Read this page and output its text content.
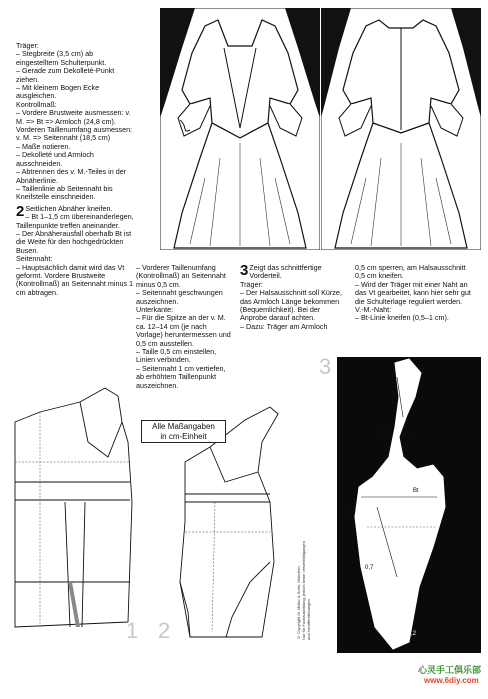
Träger:
– Stegbreite (3,5 cm) ab eingestelltem Schulterpunkt.
– Gerade zum Dekolleté-Punkt ziehen.
– Mit kleinem Bogen Ecke ausgleichen.
Kontrollmaß:
– Vordere Brustweite ausmessen: v. M. => Bt => Armloch (24,8 cm).
Vorderen Taillenumfang ausmessen: v. M. => Seitennaht (18,5 cm)
– Maße notieren.
– Dekolleté und Armloch ausschneiden.
– Abtrennen des v. M.-Teiles in der Abnäherlinie.
– Taillenlinie ab Seitennaht bis Kneifstelle einschneiden.

2 Seitlichen Abnäher kneifen.
– Bt 1–1,5 cm übereinanderlegen, Taillenpunkte treffen aneinander.
– Der Abnäherausfall oberhalb Bt ist die Weite für den hochgedrückten Busen.
Seitennaht:
– Hauptsächlich damit wird das Vt geformt. Vordere Brustweite (Kontrollmaß) an Seitennaht minus 1 cm abtragen.

– Vorderer Taillenumfang (Kontrollmaß) an Seitennaht minus 0,5 cm.
– Seitennaht geschwungen auszeichnen.
Unterkante:
– Für die Spitze an der v. M. ca. 12–14 cm (je nach Vorlage) heruntermessen und 0,5 cm ausstellen.
– Taille 0,5 cm einstellen, Linien verbinden.
– Seitennaht 1 cm vertiefen, ab erhöhtem Taillenpunkt auszeichnen.

3 Zeigt das schnittfertige Vorderteil.
Träger:
– Der Halsausschnitt soll Kürze, das Armloch Länge bekommen (Bequemlichkeit). Bei der Anprobe darauf achten.
– Dazu: Träger am Armloch

0,5 cm sperren, am Halsausschnitt 0,5 cm kneifen.
– Wird der Träger mit einer Naht an das Vt gearbeitet, kann hier sehr gut die Schulterlage reguliert werden.
V.-M.-Naht:
– Bt-Linie kneifen (0,5–1 cm).

0,5
0,5
0,7
Bt
0,7
1–1,2
1 2
3
Alle Maßangaben
in cm-Einheit
© Copyright M. Müller & Sohn, München
Nur für Fachausbildung, jedoch keine Vervielfältigungen
und Veröffentlichungen
心灵手工俱乐部
www.6diy.com
